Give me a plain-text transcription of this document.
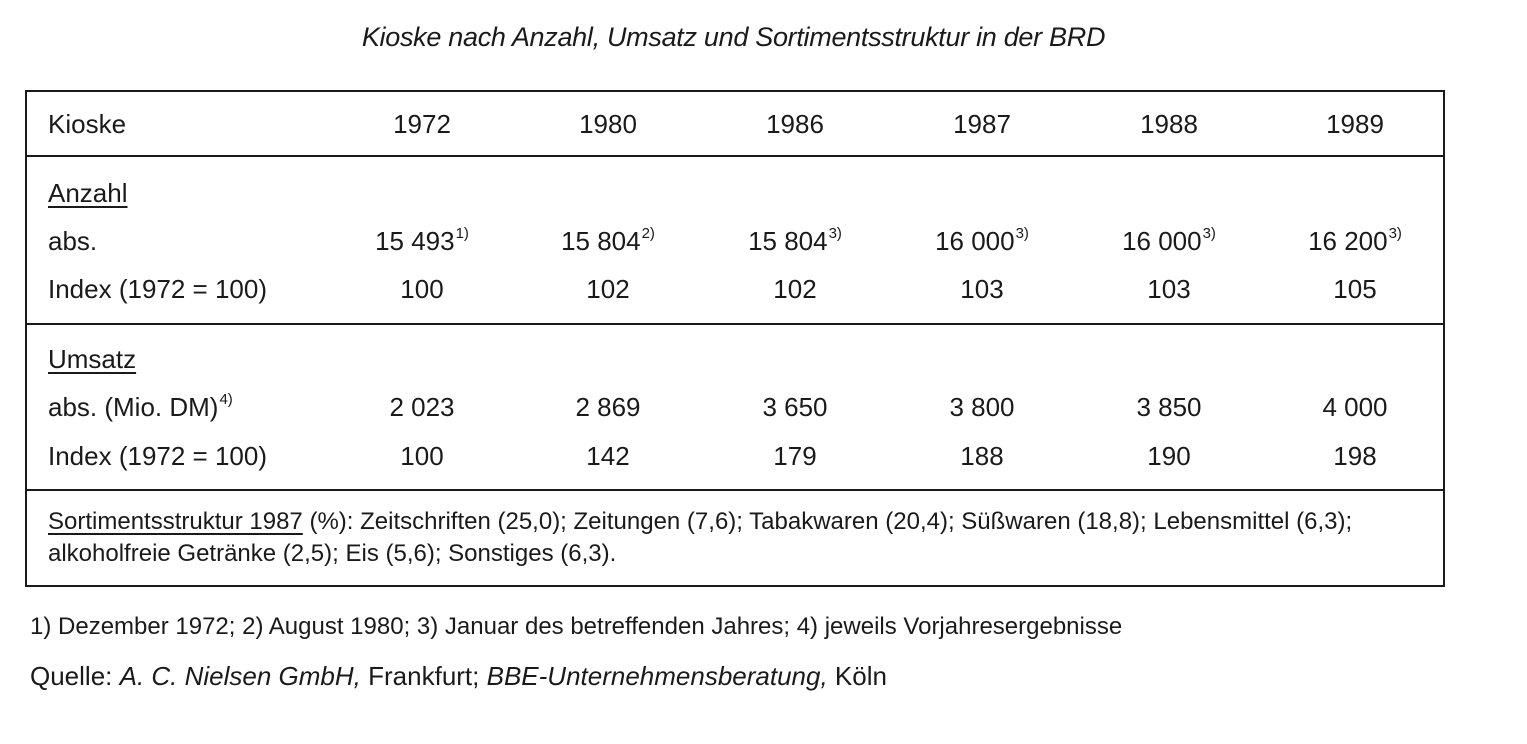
Kioske nach Anzahl, Umsatz und Sortimentsstruktur in der BRD
Kioske	1972	1980	1986	1987	1988	1989
Anzahl
abs.	15 493$^{1)}$	15 804$^{2)}$	15 804$^{3)}$	16 000$^{3)}$	16 000$^{3)}$	16 200$^{3)}$
Index (1972 = 100)	100	102	102	103	103	105
Umsatz
abs. (Mio. DM)$^{4)}$	2 023	2 869	3 650	3 800	3 850	4 000
Index (1972 = 100)	100	142	179	188	190	198
Sortimentsstruktur 1987 (%): Zeitschriften (25,0); Zeitungen (7,6); Tabakwaren (20,4); Süßwaren (18,8); Lebensmittel (6,3); alkoholfreie Getränke (2,5); Eis (5,6); Sonstiges (6,3).
1) Dezember 1972; 2) August 1980; 3) Januar des betreffenden Jahres; 4) jeweils Vorjahresergebnisse
Quelle: A. C. Nielsen GmbH, Frankfurt; BBE-Unternehmensberatung, Köln
